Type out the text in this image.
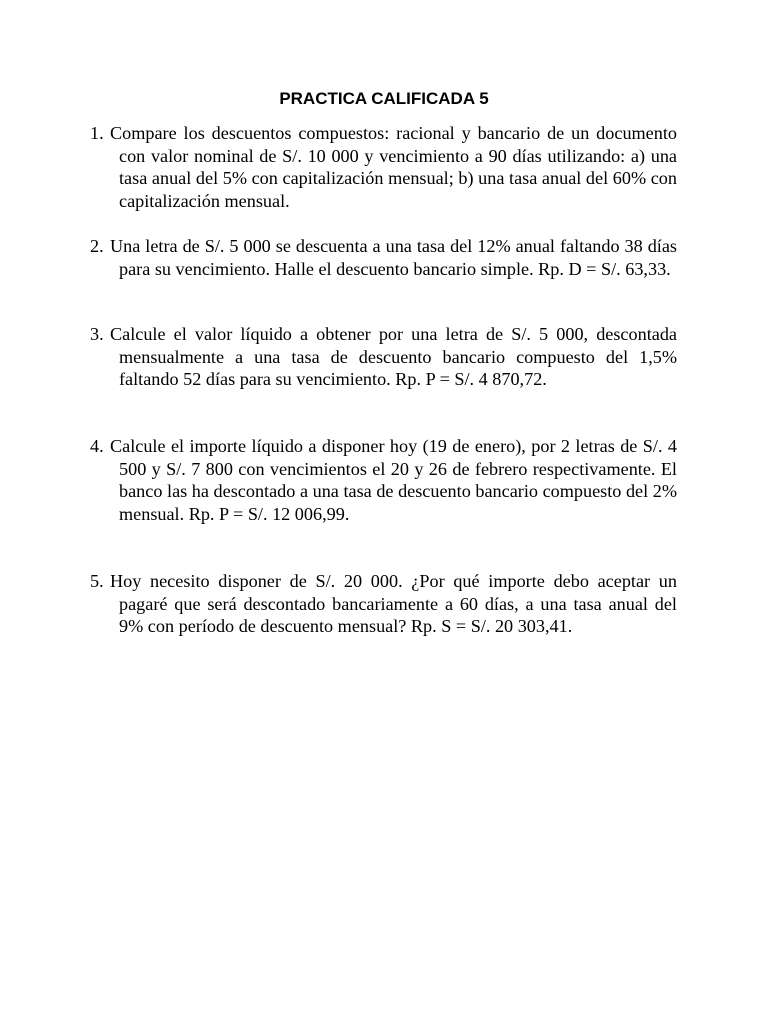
PRACTICA CALIFICADA 5
1. Compare los descuentos compuestos: racional y bancario de un documento con valor nominal de S/. 10 000 y vencimiento a 90 días utilizando: a) una tasa anual del 5% con capitalización mensual; b) una tasa anual del 60% con capitalización mensual.
2. Una letra de S/. 5 000 se descuenta a una tasa del 12% anual faltando 38 días para su vencimiento. Halle el descuento bancario simple. Rp. D = S/. 63,33.
3. Calcule el valor líquido a obtener por una letra de S/. 5 000, descontada mensualmente a una tasa de descuento bancario compuesto del 1,5% faltando 52 días para su vencimiento. Rp. P = S/. 4 870,72.
4. Calcule el importe líquido a disponer hoy (19 de enero), por 2 letras de S/. 4 500 y S/. 7 800 con vencimientos el 20 y 26 de febrero respectivamente. El banco las ha descontado a una tasa de descuento bancario compuesto del 2% mensual. Rp. P = S/. 12 006,99.
5. Hoy necesito disponer de S/. 20 000. ¿Por qué importe debo aceptar un pagaré que será descontado bancariamente a 60 días, a una tasa anual del 9% con período de descuento mensual? Rp. S = S/. 20 303,41.
